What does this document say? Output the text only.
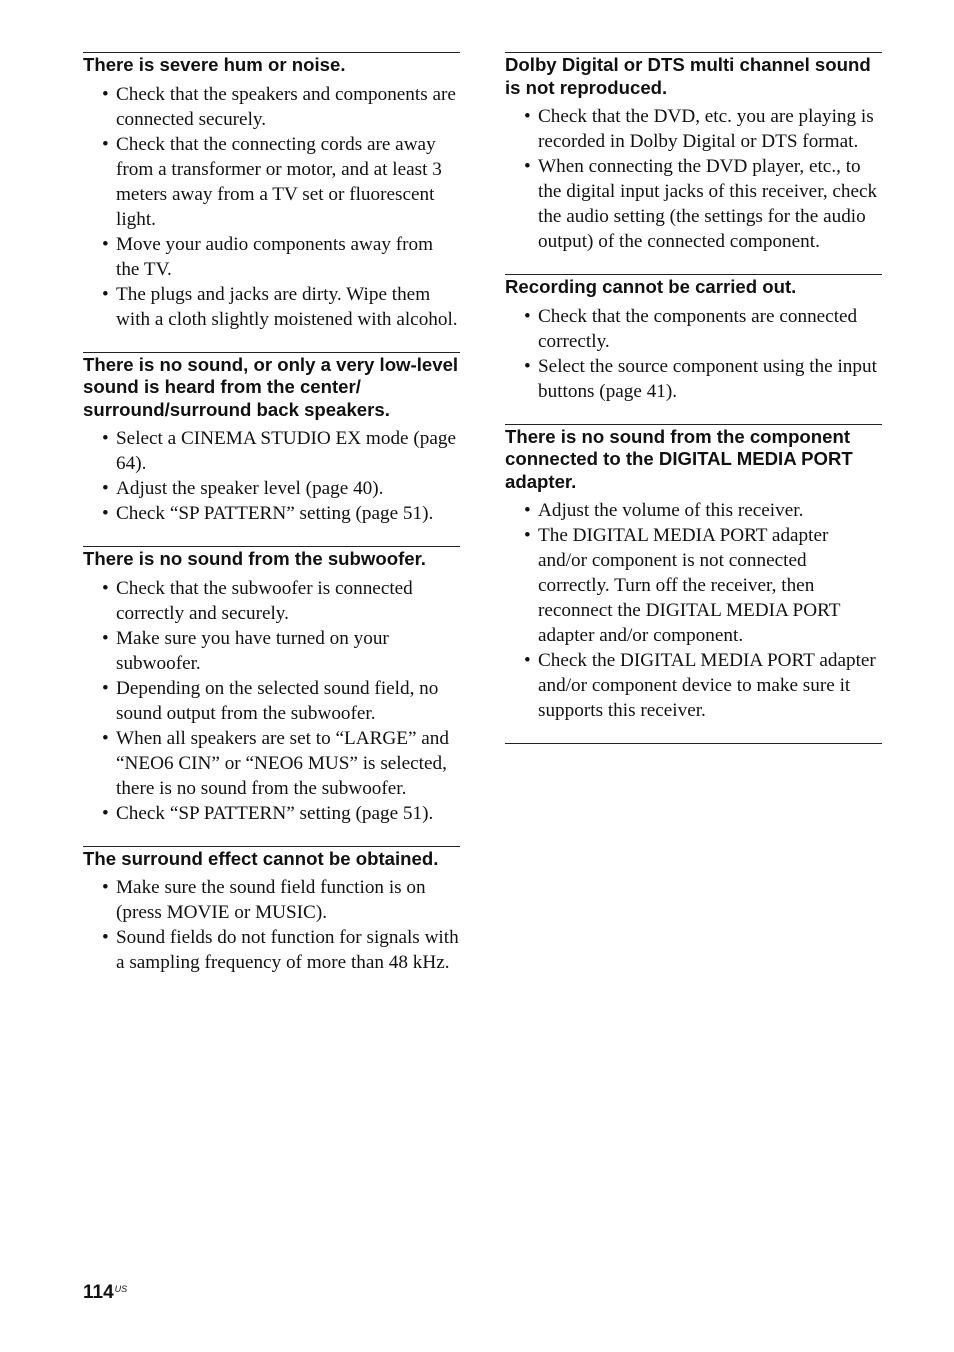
There is severe hum or noise.
• Check that the speakers and components are connected securely.
• Check that the connecting cords are away from a transformer or motor, and at least 3 meters away from a TV set or fluorescent light.
• Move your audio components away from the TV.
• The plugs and jacks are dirty. Wipe them with a cloth slightly moistened with alcohol.
There is no sound, or only a very low-level sound is heard from the center/ surround/surround back speakers.
• Select a CINEMA STUDIO EX mode (page 64).
• Adjust the speaker level (page 40).
• Check “SP PATTERN” setting (page 51).
There is no sound from the subwoofer.
• Check that the subwoofer is connected correctly and securely.
• Make sure you have turned on your subwoofer.
• Depending on the selected sound field, no sound output from the subwoofer.
• When all speakers are set to “LARGE” and “NEO6 CIN” or “NEO6 MUS” is selected, there is no sound from the subwoofer.
• Check “SP PATTERN” setting (page 51).
The surround effect cannot be obtained.
• Make sure the sound field function is on (press MOVIE or MUSIC).
• Sound fields do not function for signals with a sampling frequency of more than 48 kHz.
Dolby Digital or DTS multi channel sound is not reproduced.
• Check that the DVD, etc. you are playing is recorded in Dolby Digital or DTS format.
• When connecting the DVD player, etc., to the digital input jacks of this receiver, check the audio setting (the settings for the audio output) of the connected component.
Recording cannot be carried out.
• Check that the components are connected correctly.
• Select the source component using the input buttons (page 41).
There is no sound from the component connected to the DIGITAL MEDIA PORT adapter.
• Adjust the volume of this receiver.
• The DIGITAL MEDIA PORT adapter and/or component is not connected correctly. Turn off the receiver, then reconnect the DIGITAL MEDIA PORT adapter and/or component.
• Check the DIGITAL MEDIA PORT adapter and/or component device to make sure it supports this receiver.
$114^{US}$
